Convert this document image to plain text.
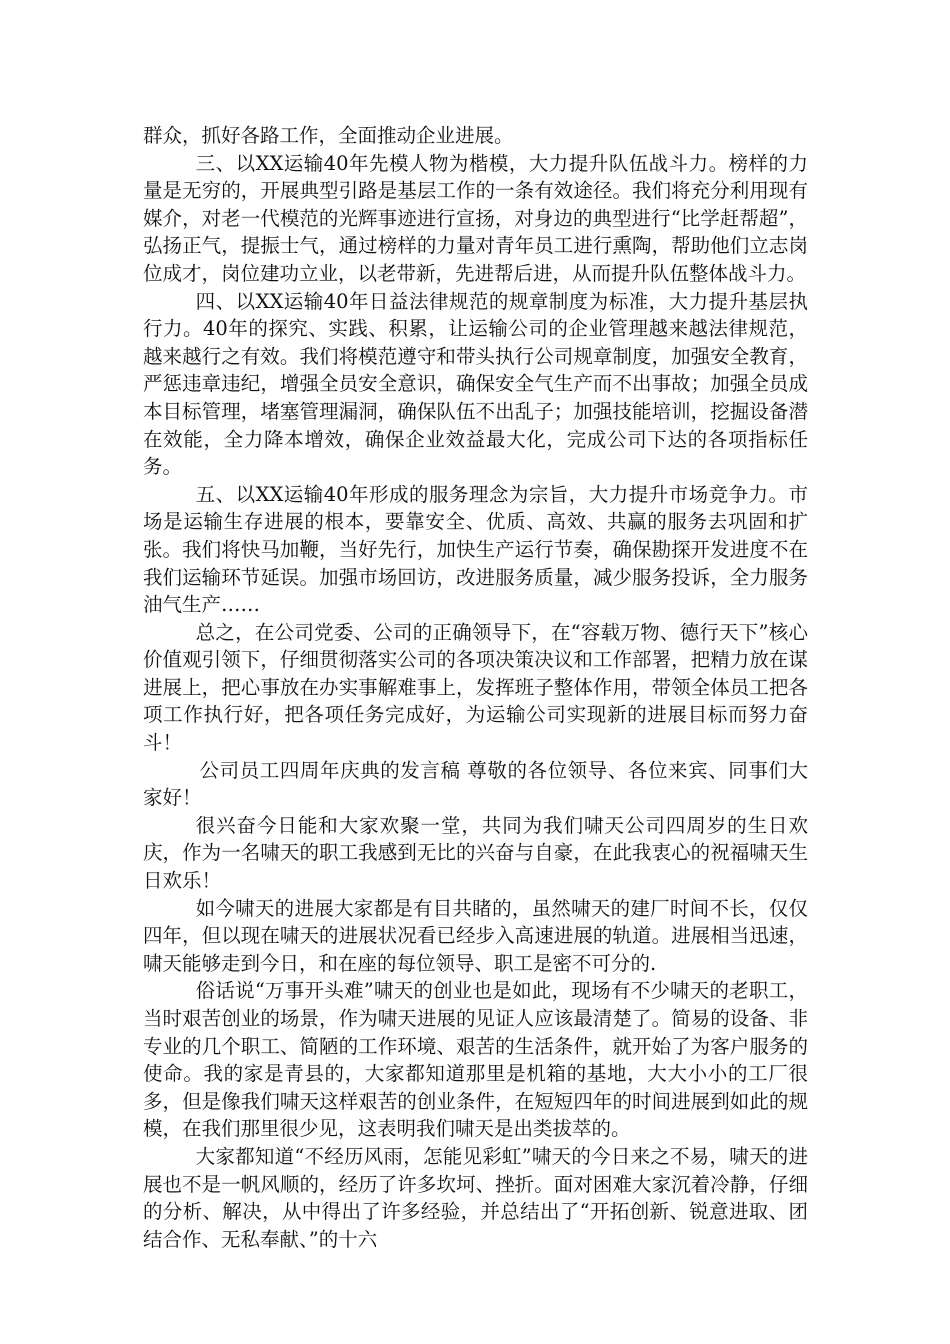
群众，抓好各路工作，全面推动企业进展。

三、以XX运输40年先模人物为楷模，大力提升队伍战斗力。榜样的力量是无穷的，开展典型引路是基层工作的一条有效途径。我们将充分利用现有媒介，对老一代模范的光辉事迹进行宣扬，对身边的典型进行“比学赶帮超”，弘扬正气，提振士气，通过榜样的力量对青年员工进行熏陶，帮助他们立志岗位成才，岗位建功立业，以老带新，先进帮后进，从而提升队伍整体战斗力。

四、以XX运输40年日益法律规范的规章制度为标准，大力提升基层执行力。40年的探究、实践、积累，让运输公司的企业管理越来越法律规范，越来越行之有效。我们将模范遵守和带头执行公司规章制度，加强安全教育，严惩违章违纪，增强全员安全意识，确保安全气生产而不出事故；加强全员成本目标管理，堵塞管理漏洞，确保队伍不出乱子；加强技能培训，挖掘设备潜在效能，全力降本增效，确保企业效益最大化，完成公司下达的各项指标任务。

五、以XX运输40年形成的服务理念为宗旨，大力提升市场竞争力。市场是运输生存进展的根本，要靠安全、优质、高效、共赢的服务去巩固和扩张。我们将快马加鞭，当好先行，加快生产运行节奏，确保勘探开发进度不在我们运输环节延误。加强市场回访，改进服务质量，减少服务投诉，全力服务油气生产……

总之，在公司党委、公司的正确领导下，在“容载万物、德行天下”核心价值观引领下，仔细贯彻落实公司的各项决策决议和工作部署，把精力放在谋进展上，把心事放在办实事解难事上，发挥班子整体作用，带领全体员工把各项工作执行好，把各项任务完成好，为运输公司实现新的进展目标而努力奋斗！

公司员工四周年庆典的发言稿 尊敬的各位领导、各位来宾、同事们大家好！

很兴奋今日能和大家欢聚一堂，共同为我们啸天公司四周岁的生日欢庆，作为一名啸天的职工我感到无比的兴奋与自豪，在此我衷心的祝福啸天生日欢乐！

如今啸天的进展大家都是有目共睹的，虽然啸天的建厂时间不长，仅仅四年，但以现在啸天的进展状况看已经步入高速进展的轨道。进展相当迅速，啸天能够走到今日，和在座的每位领导、职工是密不可分的.

俗话说“万事开头难”啸天的创业也是如此，现场有不少啸天的老职工，当时艰苦创业的场景，作为啸天进展的见证人应该最清楚了。简易的设备、非专业的几个职工、简陋的工作环境、艰苦的生活条件，就开始了为客户服务的使命。我的家是青县的，大家都知道那里是机箱的基地，大大小小的工厂很多，但是像我们啸天这样艰苦的创业条件，在短短四年的时间进展到如此的规模，在我们那里很少见，这表明我们啸天是出类拔萃的。

大家都知道“不经历风雨，怎能见彩虹”啸天的今日来之不易，啸天的进展也不是一帆风顺的，经历了许多坎坷、挫折。面对困难大家沉着冷静，仔细的分析、解决，从中得出了许多经验，并总结出了“开拓创新、锐意进取、团结合作、无私奉献、”的十六
